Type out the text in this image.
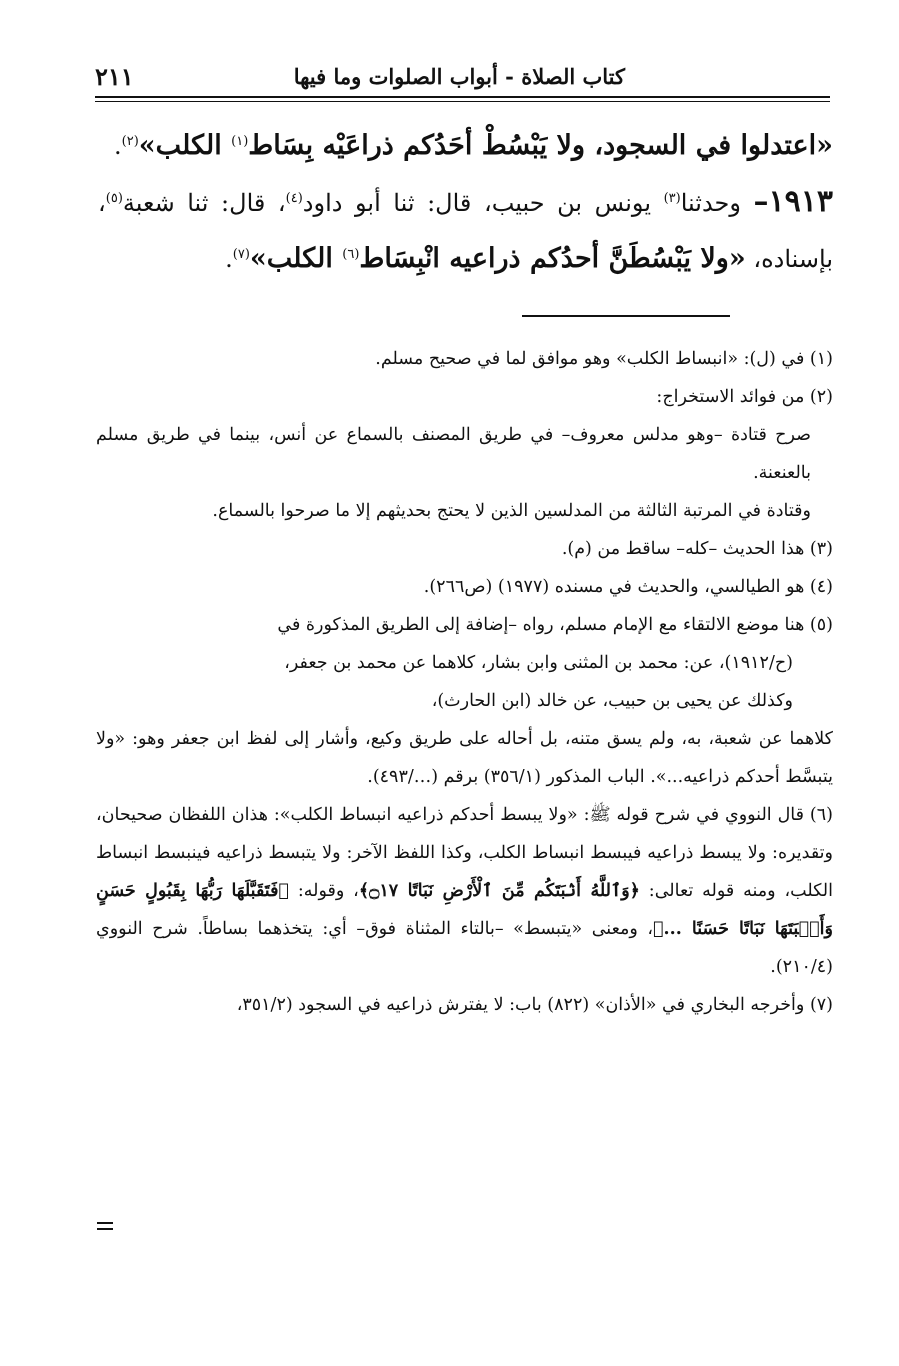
كتاب الصلاة - أبواب الصلوات وما فيها
٢١١

«اعتدلوا في السجود، ولا يَبْسُطْ أحَدُكم ذراعَيْه بِسَاط$^{(١)}$ الكلب»$^{(٢)}$.

١٩١٣– وحدثنا$^{(٣)}$ يونس بن حبيب، قال: ثنا أبو داود$^{(٤)}$، قال: ثنا شعبة$^{(٥)}$، بإسناده، «ولا يَبْسُطَنَّ أحدُكم ذراعيه انْبِسَاط$^{(٦)}$ الكلب»$^{(٧)}$.

(١) في (ل): «انبساط الكلب» وهو موافق لما في صحيح مسلم.

(٢) من فوائد الاستخراج:

صرح قتادة –وهو مدلس معروف– في طريق المصنف بالسماع عن أنس، بينما في طريق مسلم بالعنعنة.

وقتادة في المرتبة الثالثة من المدلسين الذين لا يحتج بحديثهم إلا ما صرحوا بالسماع.

(٣) هذا الحديث –كله– ساقط من (م).

(٤) هو الطيالسي، والحديث في مسنده (١٩٧٧) (ص٢٦٦).

(٥) هنا موضع الالتقاء مع الإمام مسلم، رواه –إضافة إلى الطريق المذكورة في

(ح/١٩١٢)، عن: محمد بن المثنى وابن بشار، كلاهما عن محمد بن جعفر،

وكذلك عن يحيى بن حبيب، عن خالد (ابن الحارث)،

كلاهما عن شعبة، به، ولم يسق متنه، بل أحاله على طريق وكيع، وأشار إلى لفظ ابن جعفر وهو: «ولا يتبسَّط أحدكم ذراعيه...». الباب المذكور (٣٥٦/١) برقم (…/٤٩٣).

(٦) قال النووي في شرح قوله ﷺ: «ولا يبسط أحدكم ذراعيه انبساط الكلب»: هذان اللفظان صحيحان، وتقديره: ولا يبسط ذراعيه فيبسط انبساط الكلب، وكذا اللفظ الآخر: ولا يتبسط ذراعيه فينبسط انبساط الكلب، ومنه قوله تعالى: ﴿وَٱللَّهُ أَنۢبَتَكُم مِّنَ ٱلْأَرْضِ نَبَاتًا ۝١٧﴾، وقوله: ﴿فَتَقَبَّلَهَا رَبُّهَا بِقَبُولٍ حَسَنٍ وَأَنۢبَتَهَا نَبَاتًا حَسَنًا ...﴾، ومعنى «يتبسط» –بالتاء المثناة فوق– أي: يتخذهما بساطاً. شرح النووي (٢١٠/٤).

(٧) وأخرجه البخاري في «الأذان» (٨٢٢) باب: لا يفترش ذراعيه في السجود (٣٥١/٢،
